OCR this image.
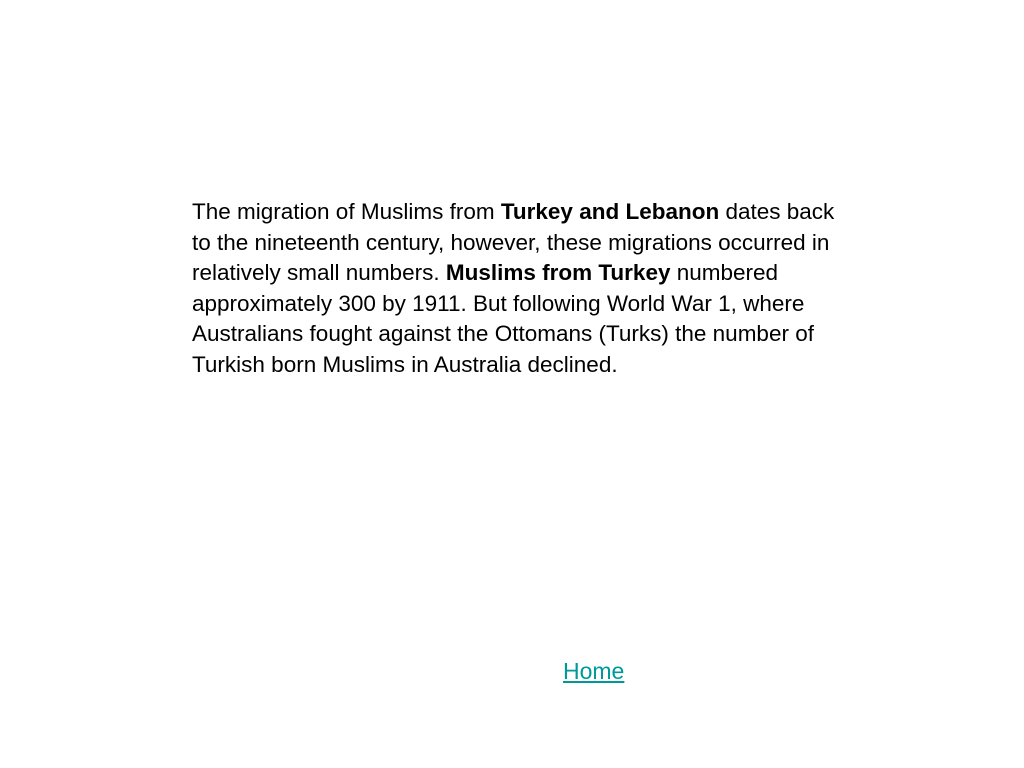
The migration of Muslims from Turkey and Lebanon dates back to the nineteenth century, however, these migrations occurred in relatively small numbers. Muslims from Turkey numbered approximately 300 by 1911. But following World War 1, where Australians fought against the Ottomans (Turks) the number of Turkish born Muslims in Australia declined.

Home
